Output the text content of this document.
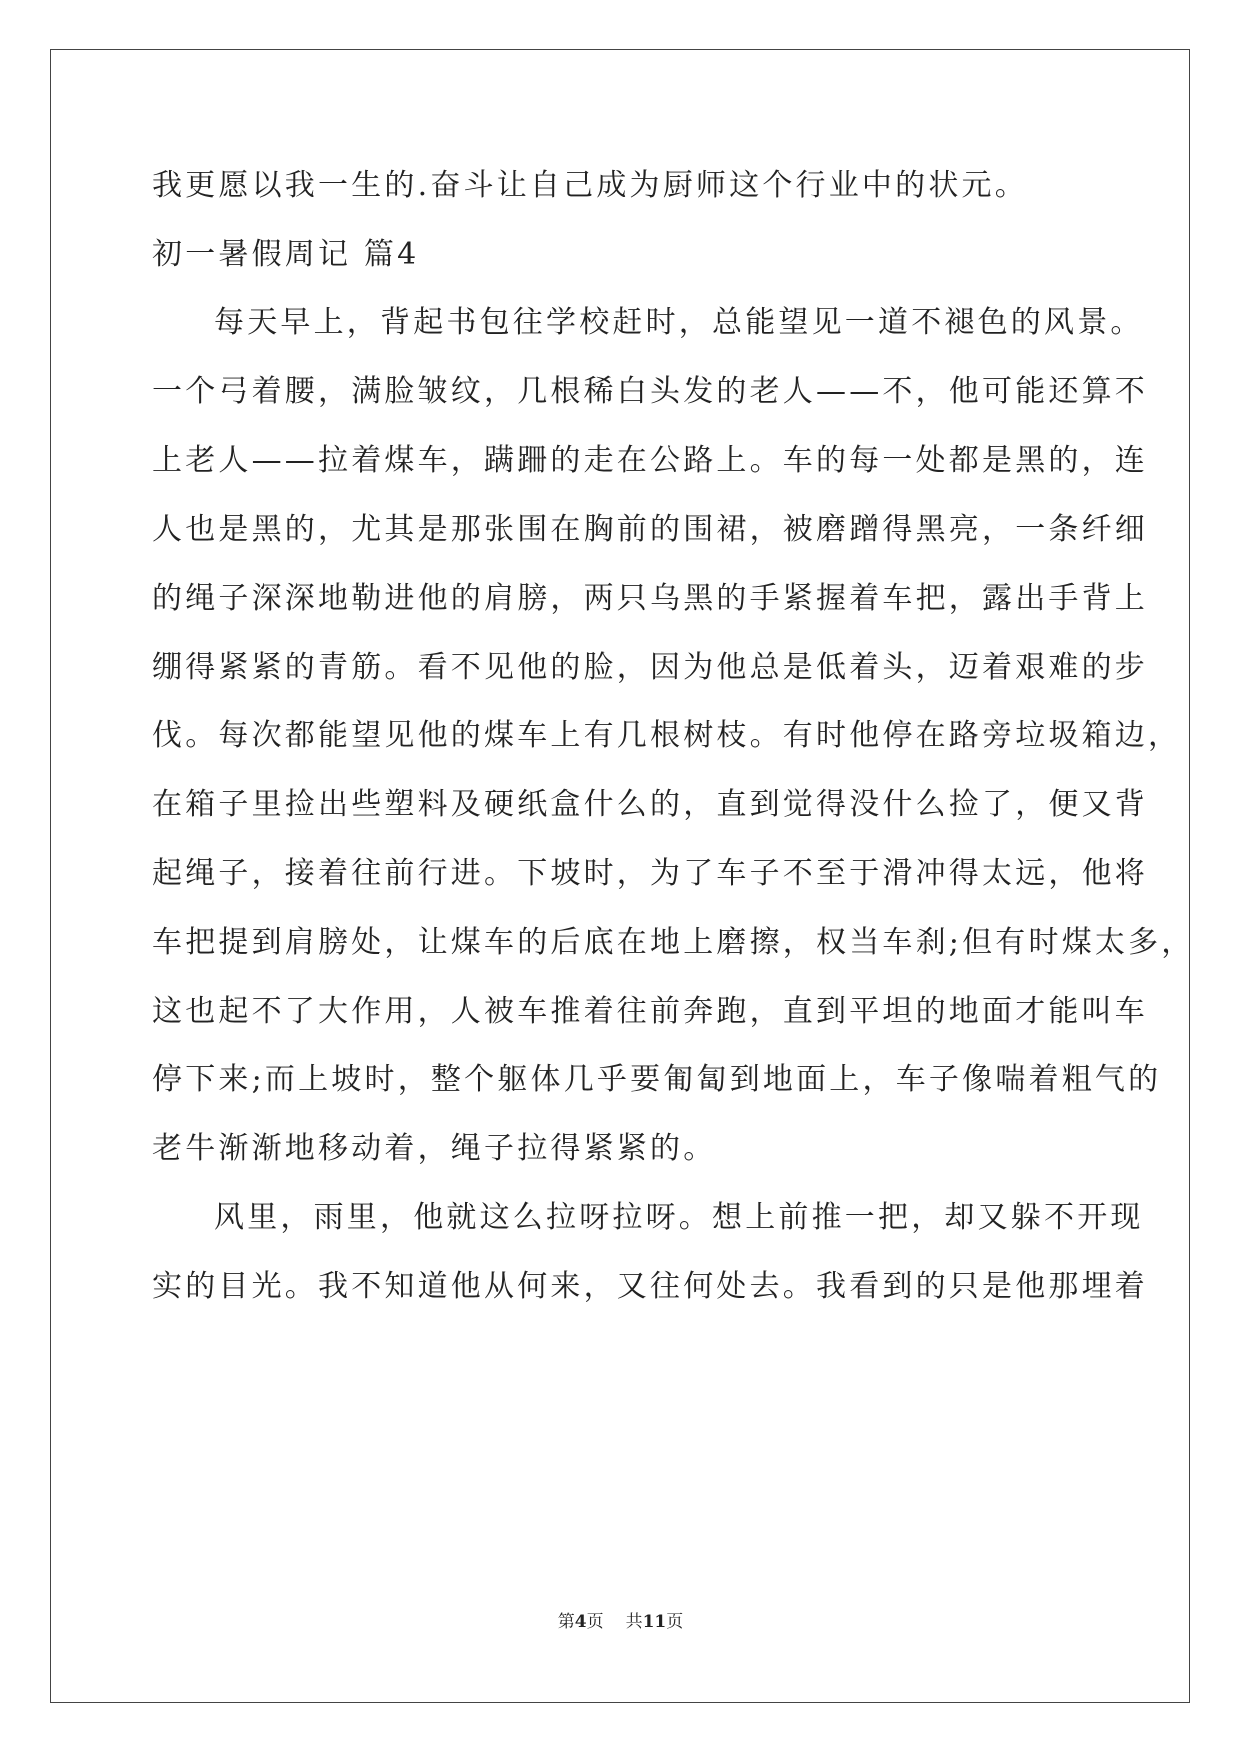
我更愿以我一生的.奋斗让自己成为厨师这个行业中的状元。
初一暑假周记 篇4
每天早上，背起书包往学校赶时，总能望见一道不褪色的风景。
一个弓着腰，满脸皱纹，几根稀白头发的老人——不，他可能还算不
上老人——拉着煤车，蹒跚的走在公路上。车的每一处都是黑的，连
人也是黑的，尤其是那张围在胸前的围裙，被磨蹭得黑亮，一条纤细
的绳子深深地勒进他的肩膀，两只乌黑的手紧握着车把，露出手背上
绷得紧紧的青筋。看不见他的脸，因为他总是低着头，迈着艰难的步
伐。每次都能望见他的煤车上有几根树枝。有时他停在路旁垃圾箱边，
在箱子里捡出些塑料及硬纸盒什么的，直到觉得没什么捡了，便又背
起绳子，接着往前行进。下坡时，为了车子不至于滑冲得太远，他将
车把提到肩膀处，让煤车的后底在地上磨擦，权当车刹;但有时煤太多，
这也起不了大作用，人被车推着往前奔跑，直到平坦的地面才能叫车
停下来;而上坡时，整个躯体几乎要匍匐到地面上，车子像喘着粗气的
老牛渐渐地移动着，绳子拉得紧紧的。
风里，雨里，他就这么拉呀拉呀。想上前推一把，却又躲不开现
实的目光。我不知道他从何来，又往何处去。我看到的只是他那埋着
第4页 共11页
